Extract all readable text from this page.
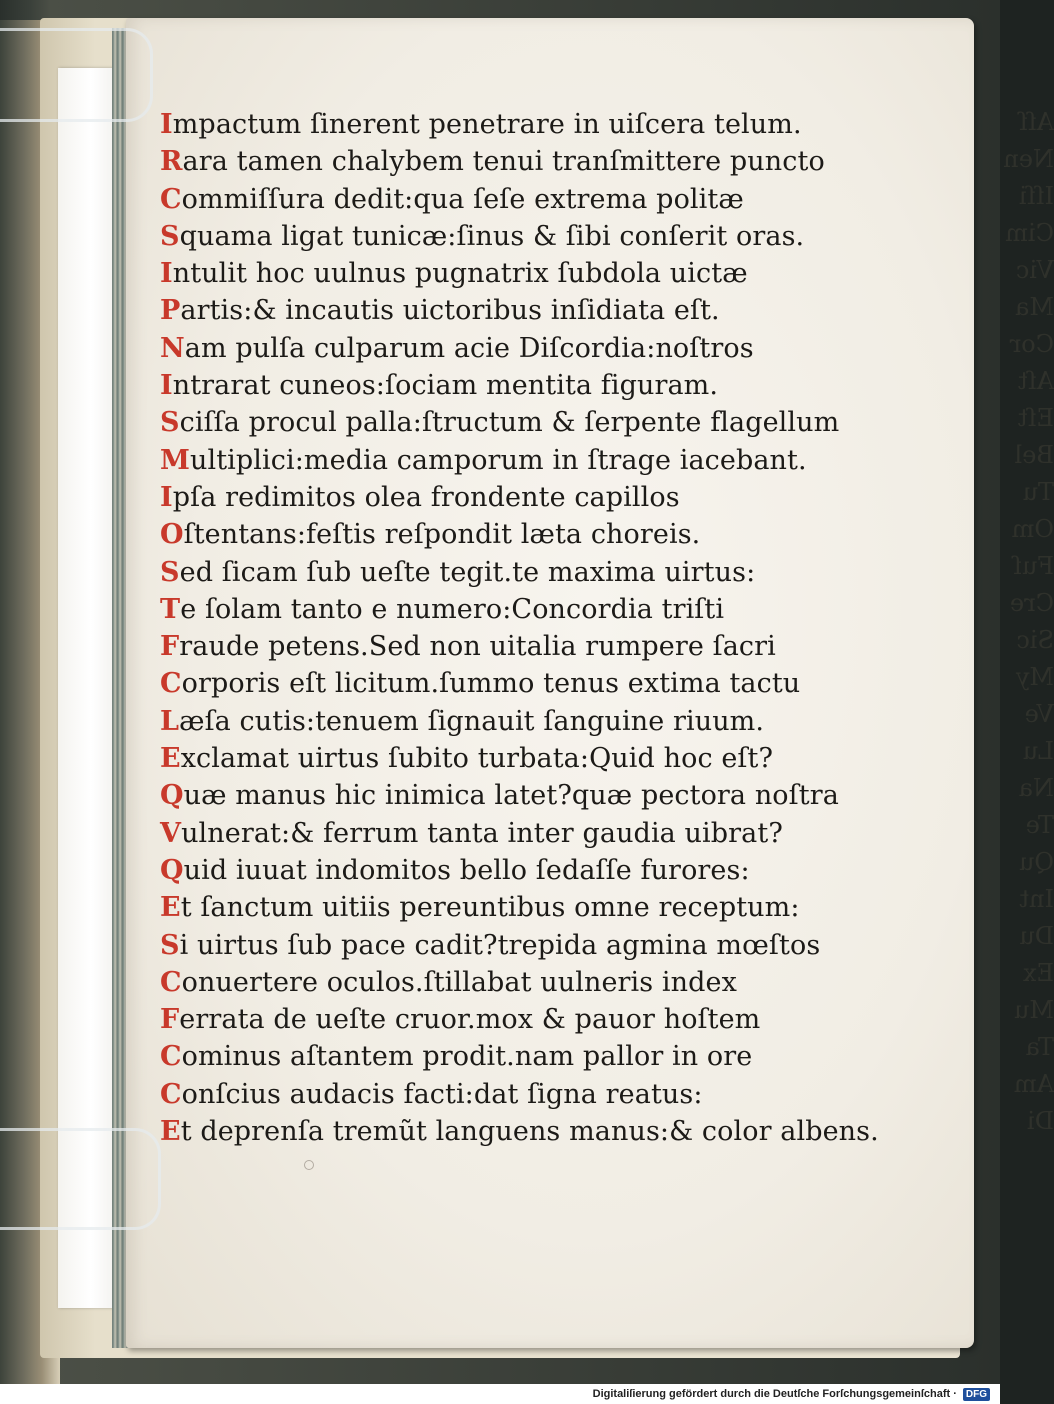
Aſſ
Nen
Iſſi
Cim
Vic
Ma
Cor
Aſt
Eſt
Bel
Tu
Om
Fuſ
Cre
Sic
My
Ve
Lu
Na
Te
Qu
Int
Du
Ex
Mu
Ta
Am
Di
Impactum ſinerent penetrare in uiſcera telum.
Rara tamen chalybem tenui tranſmittere puncto
Commiſſura dedit:qua ſeſe extrema politæ
Squama ligat tunicæ:ſinus & ſibi conſerit oras.
Intulit hoc uulnus pugnatrix ſubdola uictæ
Partis:& incautis uictoribus inſidiata eſt.
Nam pulſa culparum acie Diſcordia:noſtros
Intrarat cuneos:ſociam mentita figuram.
Sciſſa procul palla:ſtructum & ſerpente flagellum
Multiplici:media camporum in ſtrage iacebant.
Ipſa redimitos olea frondente capillos
Oſtentans:feſtis reſpondit læta choreis.
Sed ſicam ſub ueſte tegit.te maxima uirtus:
Te ſolam tanto e numero:Concordia triſti
Fraude petens.Sed non uitalia rumpere ſacri
Corporis eſt licitum.ſummo tenus extima tactu
Læſa cutis:tenuem ſignauit ſanguine riuum.
Exclamat uirtus ſubito turbata:Quid hoc eſt?
Quæ manus hic inimica latet?quæ pectora noſtra
Vulnerat:& ferrum tanta inter gaudia uibrat?
Quid iuuat indomitos bello ſedaſſe furores:
Et ſanctum uitiis pereuntibus omne receptum:
Si uirtus ſub pace cadit?trepida agmina mœſtos
Conuertere oculos.ſtillabat uulneris index
Ferrata de ueſte cruor.mox & pauor hoſtem
Cominus aſtantem prodit.nam pallor in ore
Conſcius audacis facti:dat ſigna reatus:
Et deprenſa tremũt languens manus:& color albens.
Digitaliſierung gefördert durch die Deutſche Forſchungsgemeinſchaft · DFG
